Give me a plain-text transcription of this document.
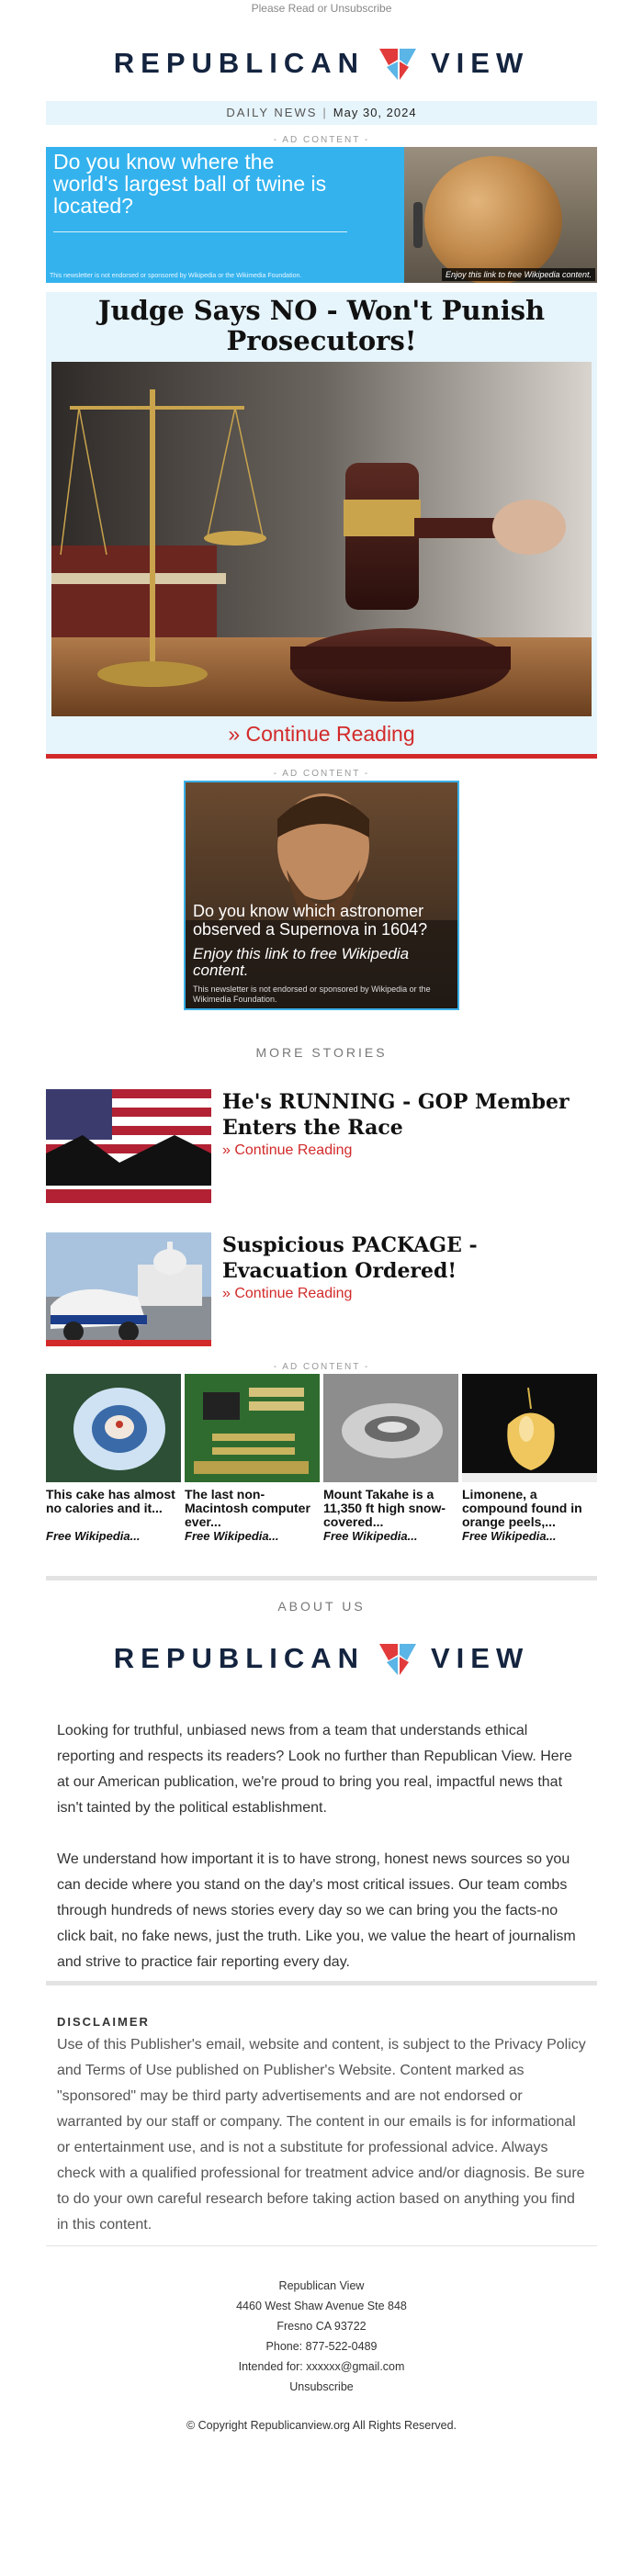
Please Read or Unsubscribe
REPUBLICAN VIEW
DAILY NEWS | May 30, 2024
- AD CONTENT -
Do you know where the world's largest ball of twine is located?
This newsletter is not endorsed or sponsored by Wikipedia or the Wikimedia Foundation.	Enjoy this link to free Wikipedia content.
Judge Says NO - Won't Punish Prosecutors!
» Continue Reading
- AD CONTENT -
Do you know which astronomer observed a Supernova in 1604?
Enjoy this link to free Wikipedia content.
This newsletter is not endorsed or sponsored by Wikipedia or the Wikimedia Foundation.
MORE STORIES
He's RUNNING - GOP Member Enters the Race
» Continue Reading
Suspicious PACKAGE - Evacuation Ordered!
» Continue Reading
- AD CONTENT -
This cake has almost no calories and it...
Free Wikipedia...
The last non-Macintosh computer ever...
Free Wikipedia...
Mount Takahe is a 11,350 ft high snow-covered...
Free Wikipedia...
Limonene, a compound found in orange peels,...
Free Wikipedia...
ABOUT US
REPUBLICAN VIEW

Looking for truthful, unbiased news from a team that understands ethical reporting and respects its readers? Look no further than Republican View. Here at our American publication, we're proud to bring you real, impactful news that isn't tainted by the political establishment.

We understand how important it is to have strong, honest news sources so you can decide where you stand on the day's most critical issues. Our team combs through hundreds of news stories every day so we can bring you the facts-no click bait, no fake news, just the truth. Like you, we value the heart of journalism and strive to practice fair reporting every day.

DISCLAIMER

Use of this Publisher's email, website and content, is subject to the Privacy Policy and Terms of Use published on Publisher's Website. Content marked as "sponsored" may be third party advertisements and are not endorsed or warranted by our staff or company. The content in our emails is for informational or entertainment use, and is not a substitute for professional advice. Always check with a qualified professional for treatment advice and/or diagnosis. Be sure to do your own careful research before taking action based on anything you find in this content.

Republican View
4460 West Shaw Avenue Ste 848
Fresno CA 93722
Phone: 877-522-0489
Intended for: xxxxxx@gmail.com
Unsubscribe
© Copyright Republicanview.org All Rights Reserved.
